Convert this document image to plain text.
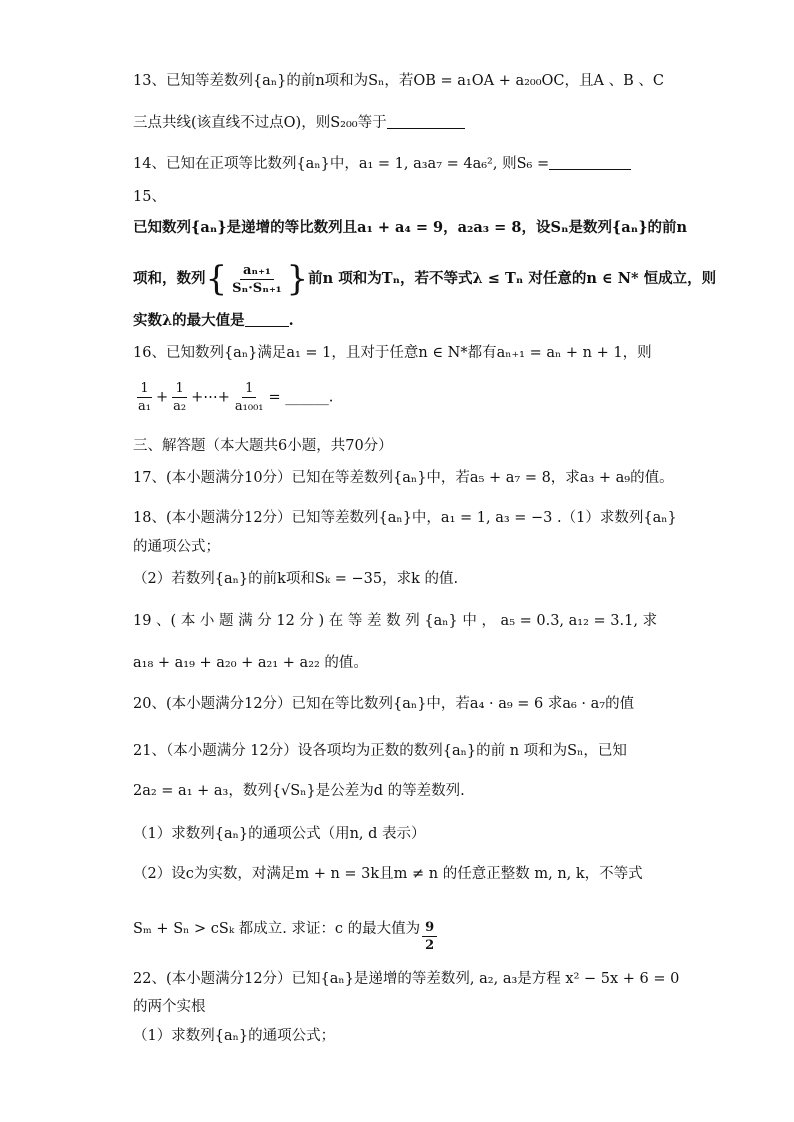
13、已知等差数列{aₙ}的前n项和为Sₙ，若OB = a₁OA + a₂₀₀OC，且A 、B 、C
三点共线(该直线不过点O)，则S₂₀₀等于
14、已知在正项等比数列{aₙ}中，a₁ = 1, a₃a₇ = 4a₆², 则S₆ =
15、
已知数列{aₙ}是递增的等比数列且a₁ + a₄ = 9，a₂a₃ = 8，设Sₙ是数列{aₙ}的前n
项和，数列{ $\frac{\text{aₙ₊₁}}{\text{Sₙ·Sₙ₊₁}}$ }前n 项和为Tₙ，若不等式λ ≤ Tₙ 对任意的n ∈ N* 恒成立，则
实数λ的最大值是	.
16、已知数列{aₙ}满足a₁ = 1，且对于任意n ∈ N*都有aₙ₊₁ = aₙ + n + 1，则
$\frac{1}{\text{a₁}} + \frac{1}{\text{a₂}}$ +⋯+ $\frac{1}{\text{a₁₀₀₁}}$ = ______.
三、解答题（本大题共6小题，共70分）
17、(本小题满分10分）已知在等差数列{aₙ}中，若a₅ + a₇ = 8，求a₃ + a₉的值。
18、(本小题满分12分）已知等差数列{aₙ}中，a₁ = 1, a₃ = −3 .（1）求数列{aₙ}
的通项公式；
（2）若数列{aₙ}的前k项和Sₖ = −35，求k 的值.
19 、( 本 小 题 满 分 12 分 ) 在 等 差 数 列 {aₙ} 中 ， a₅ = 0.3, a₁₂ = 3.1, 求
a₁₈ + a₁₉ + a₂₀ + a₂₁ + a₂₂ 的值。
20、(本小题满分12分）已知在等比数列{aₙ}中，若a₄ · a₉ = 6 求a₆ · a₇的值
21、（本小题满分 12分）设各项均为正数的数列{aₙ}的前 n 项和为Sₙ，已知
2a₂ = a₁ + a₃，数列{√Sₙ}是公差为d 的等差数列.
（1）求数列{aₙ}的通项公式（用n, d 表示）
（2）设c为实数，对满足m + n = 3k且m ≠ n 的任意正整数 m, n, k，不等式
Sₘ + Sₙ > cSₖ 都成立. 求证：c 的最大值为 $\frac{9}{2}$
22、(本小题满分12分）已知{aₙ}是递增的等差数列, a₂, a₃是方程 x² − 5x + 6 = 0
的两个实根
（1）求数列{aₙ}的通项公式；
